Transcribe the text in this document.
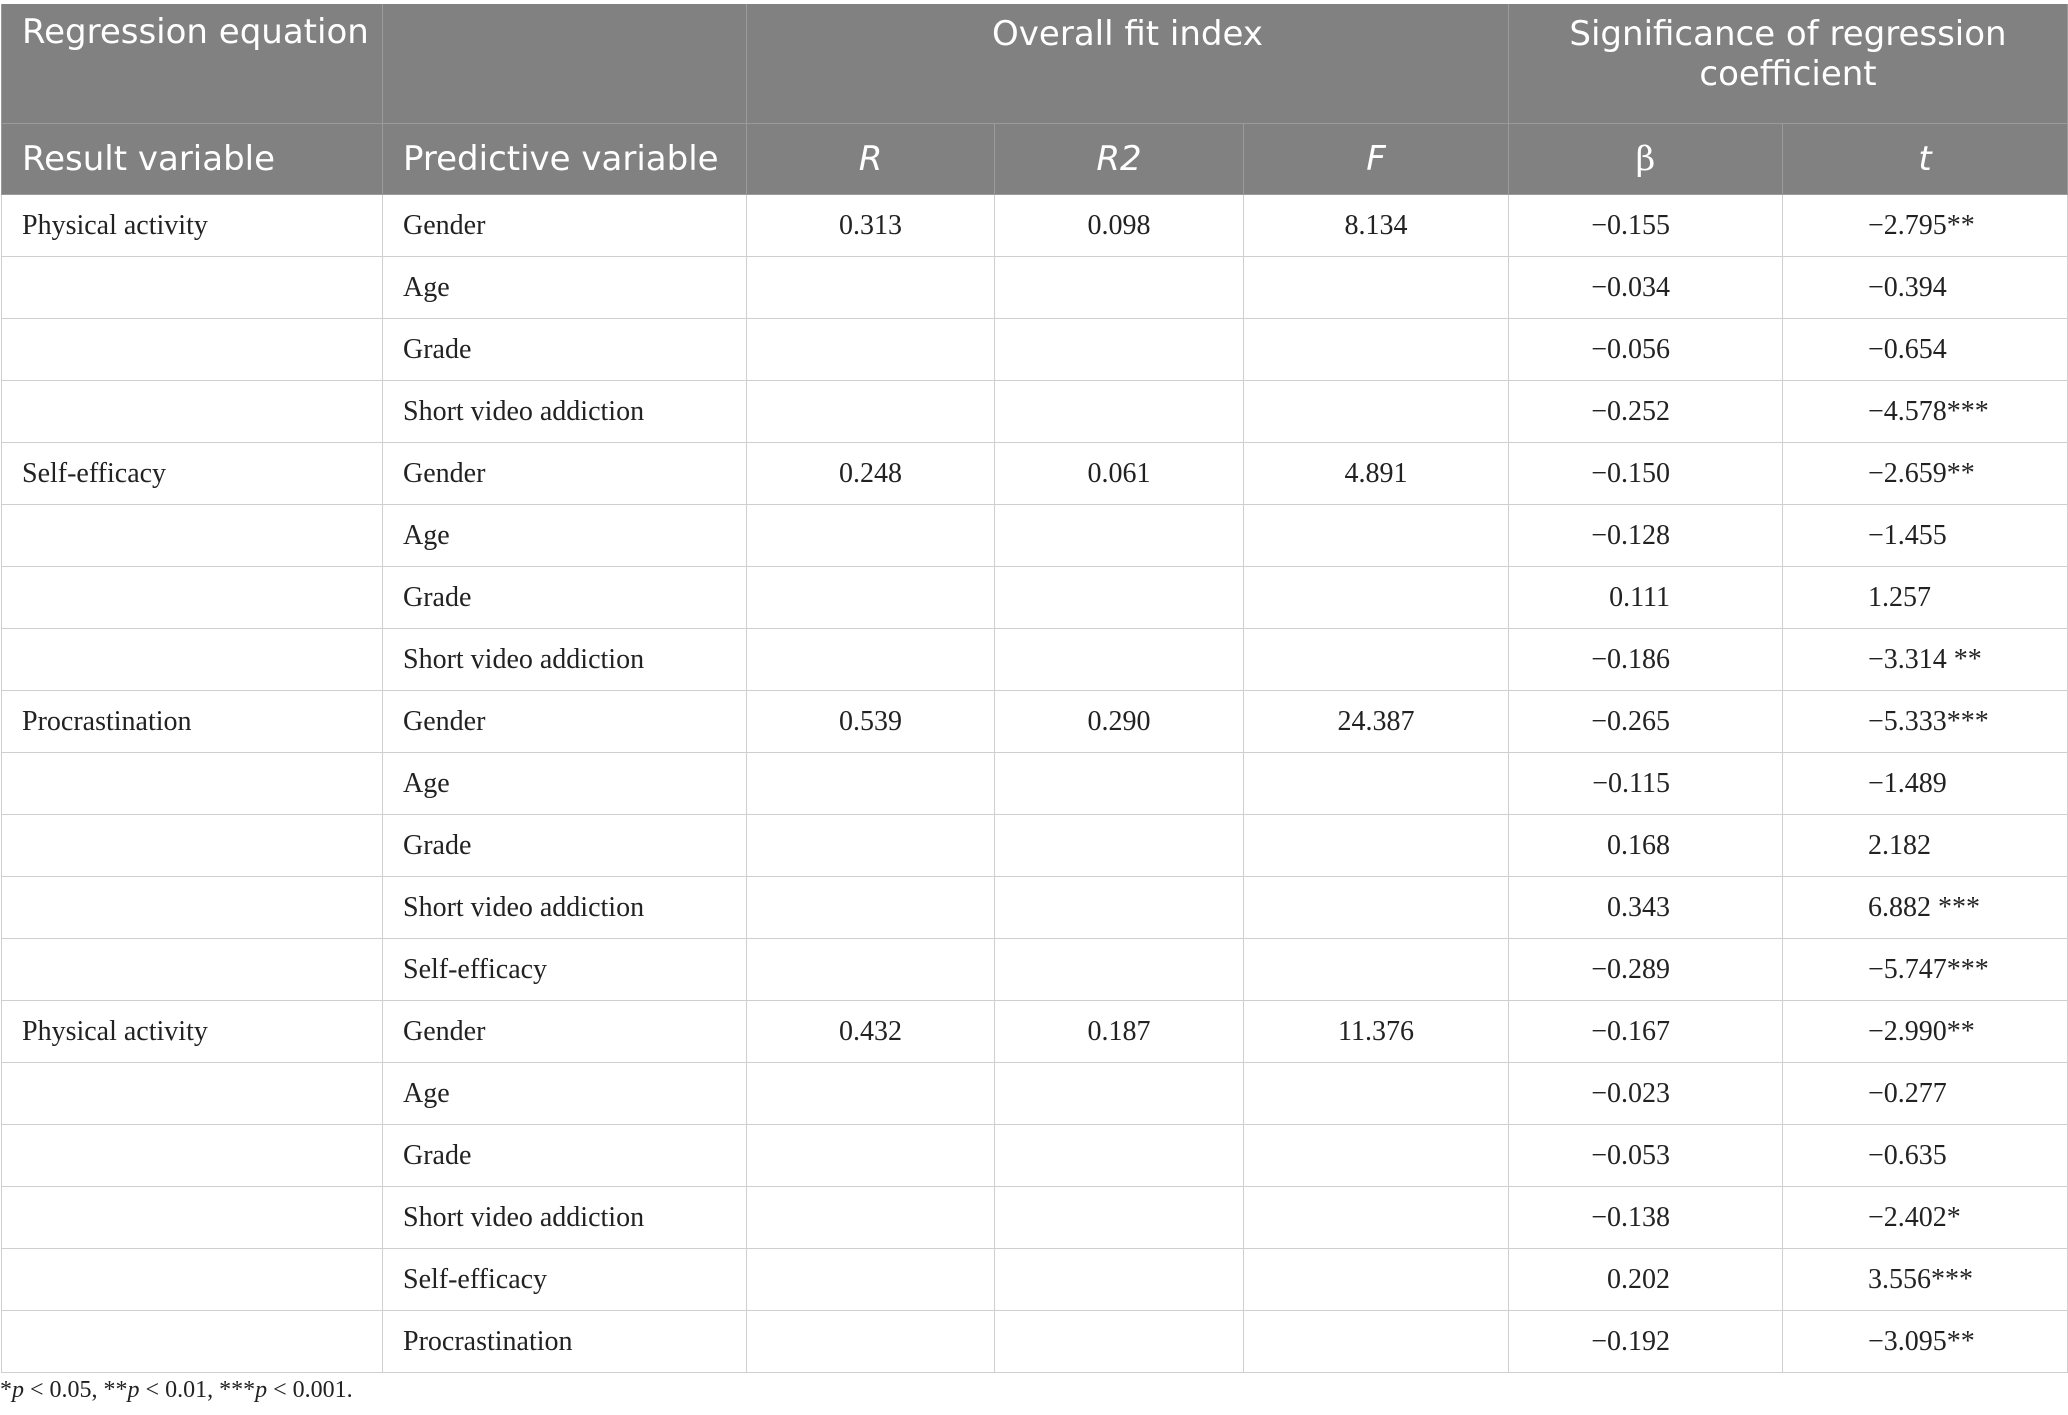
Regression equation		Overall fit index			Significance of regression coefficient	
Result variable	Predictive variable	R	R2	F	β	t
Physical activity	Gender	0.313	0.098	8.134	−0.155	−2.795**
	Age				−0.034	−0.394
	Grade				−0.056	−0.654
	Short video addiction				−0.252	−4.578***
Self-efficacy	Gender	0.248	0.061	4.891	−0.150	−2.659**
	Age				−0.128	−1.455
	Grade				0.111	1.257
	Short video addiction				−0.186	−3.314 **
Procrastination	Gender	0.539	0.290	24.387	−0.265	−5.333***
	Age				−0.115	−1.489
	Grade				0.168	2.182
	Short video addiction				0.343	6.882 ***
	Self-efficacy				−0.289	−5.747***
Physical activity	Gender	0.432	0.187	11.376	−0.167	−2.990**
	Age				−0.023	−0.277
	Grade				−0.053	−0.635
	Short video addiction				−0.138	−2.402*
	Self-efficacy				0.202	3.556***
	Procrastination				−0.192	−3.095**
*p < 0.05, **p < 0.01, ***p < 0.001.
